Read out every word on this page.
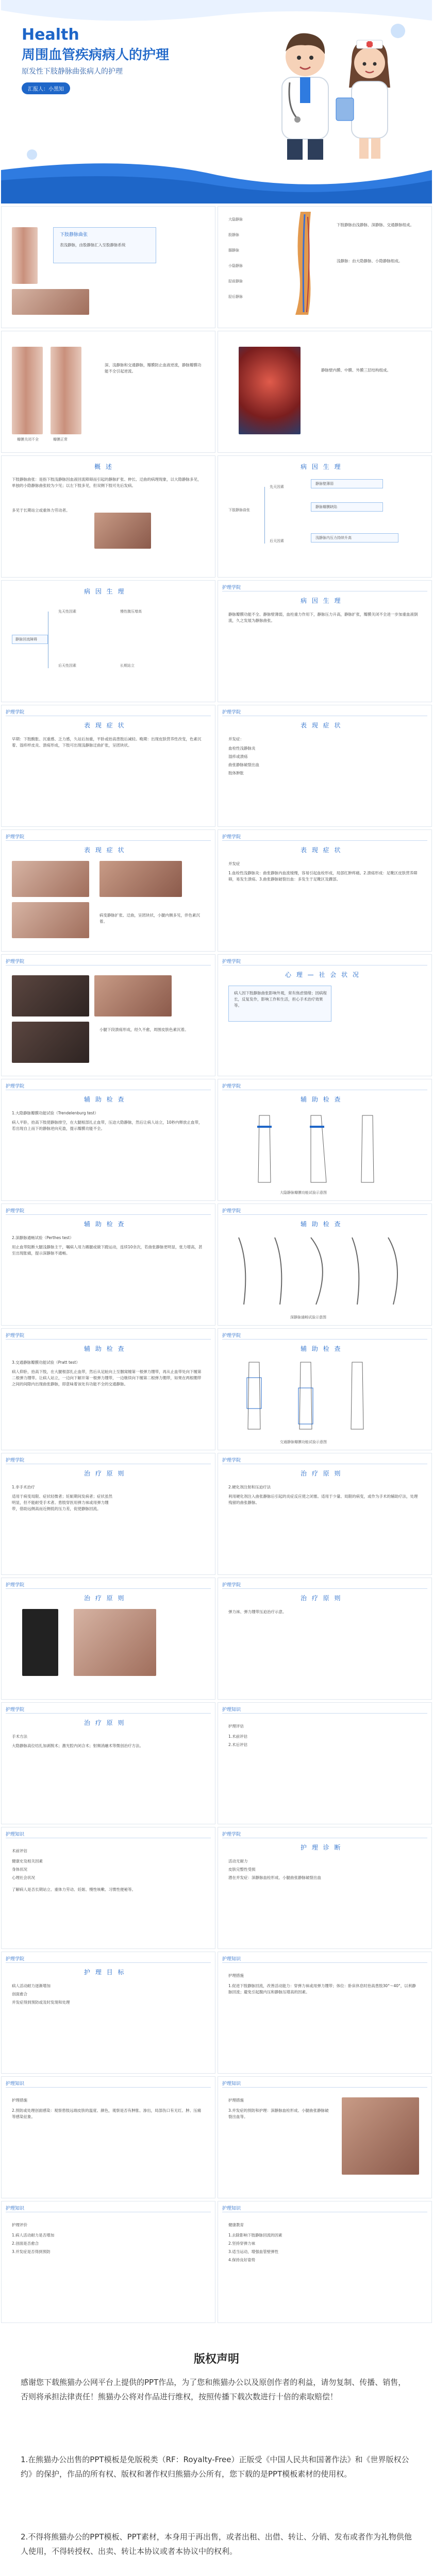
Health
周围血管疾病病人的护理
原发性下肢静脉曲张病人的护理
汇报人：小黑知
下肢静脉曲张
表浅静脉，由股静脉汇入至股静脉系统
大隐静脉
股静脉
腘静脉
小隐静脉
胫前静脉
胫后静脉
下肢静脉由浅静脉、深静脉、交通静脉组成。
浅静脉：由大隐静脉、小隐静脉组成。
瓣膜关闭不全	瓣膜正常
深、浅静脉和交通静脉，瓣膜防止血液逆流，静脉瓣膜功能不全引起逆流。	静脉壁内膜、中膜、外膜三层结构组成。
概 述
下肢静脉曲张：是指下肢浅静脉因血液回流障碍而引起的静脉扩张、伸长、迂曲的病理现象，以大隐静脉多见，单独的小隐静脉曲张较为少见；以左下肢多见，但双侧下肢可先后发病。
多见于长期站立或重体力劳动者。
病 因 生 理
下肢静脉曲张
先天因素
后天因素
静脉壁薄弱
静脉瓣膜缺陷
浅静脉内压力持续升高
病 因 生 理
静脉回流障碍
先天性因素
后天性因素
慢性腹压增高
长期站立
护理学院
病 因 生 理
静脉瓣膜功能不全、静脉壁薄弱，血柱重力作用下，静脉压力升高，静脉扩张，瓣膜关闭不全进一步加重血液倒流，久之发展为静脉曲张。
护理学院
表 现 症 状
早期：下肢酸胀、沉重感、乏力感，久站后加重，平卧或抬高患肢后减轻。晚期：出现皮肤营养性改变，色素沉着、湿疹样皮炎、溃疡形成，下肢可出现浅静脉迂曲扩张，呈团块状。
护理学院
表 现 症 状
并发症：
血栓性浅静脉炎
湿疹或溃疡
曲张静脉破裂出血
肢体肿胀
护理学院
表 现 症 状
病变静脉扩张、迂曲，呈团块状，小腿内侧多见，伴色素沉着。
护理学院
表 现 症 状
并发症
1.血栓性浅静脉炎：曲张静脉内血流缓慢，容易引起血栓形成，局部红肿疼痛。2.溃疡形成：足靴区皮肤营养障碍，易发生溃疡。3.曲张静脉破裂出血：多发生于足靴区及踝部。
护理学院
小腿下段溃疡形成，经久不愈，周围皮肤色素沉着。
护理学院
心 理 — 社 会 状 况
病人因下肢静脉曲张影响外观，常有焦虑情绪；因病程长，反复发作，影响工作和生活，担心手术治疗效果等。
护理学院
辅 助 检 查
1.大隐静脉瓣膜功能试验（Trendelenburg test）
病人平卧，抬高下肢使静脉排空，在大腿根部扎止血带，压迫大隐静脉，然后让病人站立，10秒内释放止血带，若出现自上而下的静脉逆向充盈，提示瓣膜功能不全。
护理学院
辅 助 检 查
大隐静脉瓣膜功能试验示意图
护理学院
辅 助 检 查
2.深静脉通畅试验（Perthes test）
用止血带阻断大腿浅静脉主干，嘱病人用力踢腿或做下蹬运动，连续10余次，若曲张静脉更明显，张力增高，甚至出现胀痛，提示深静脉不通畅。
护理学院
辅 助 检 查
深静脉通畅试验示意图
护理学院
辅 助 检 查
3.交通静脉瓣膜功能试验（Pratt test）
病人仰卧，抬高下肢，在大腿根部扎止血带，然后从足趾向上至腘窝缠第一根弹力绷带，再从止血带处向下缠第二根弹力绷带。让病人站立，一边向下解开第一根弹力绷带，一边继续向下缠第二根弹力绷带，如果在两根绷带之间的间隙内出现曲张静脉，即意味着该处有功能不全的交通静脉。
护理学院
辅 助 检 查
交通静脉瓣膜功能试验示意图
护理学院
治 疗 原 则
1.非手术治疗
适用于病变局限、症状轻微者；妊娠期间发病者；症状虽然明显，但不能耐受手术者。患肢穿医用弹力袜或用弹力绷带，借助远侧高而近侧低的压力差，促使静脉回流。
护理学院
治 疗 原 则
2.硬化剂注射和压迫疗法
利用硬化剂注入曲张静脉后引起的炎症反应使之闭塞。适用于少量、局限的病变，或作为手术的辅助疗法，处理残留的曲张静脉。
护理学院
治 疗 原 则
护理学院
治 疗 原 则
弹力袜、弹力绷带压迫治疗示意。
护理学院
治 疗 原 则
手术方法
大隐静脉高位结扎加剥脱术；激光腔内闭合术；射频消融术等微创治疗方法。
护理知识
护理评估
1.术前评估
2.术后评估
护理知识
术前评估
健康史及相关因素
身体状况
心理社会状况
了解病人是否长期站立、重体力劳动、妊娠、慢性咳嗽、习惯性便秘等。
护理学院
护 理 诊 断
活动无耐力
皮肤完整性受损
潜在并发症：深静脉血栓形成、小腿曲张静脉破裂出血
护理学院
护 理 目 标
病人活动耐力逐渐增加
创面愈合
并发症得到预防或及时发现和处理
护理知识
护理措施
1.促进下肢静脉回流，改善活动能力：穿弹力袜或用弹力绷带；体位：卧床休息时抬高患肢30°～40°，以利静脉回流；避免引起腹内压和静脉压增高的因素。
护理知识
护理措施
2.预防或处理创面感染：观察患肢远端皮肤的温度、颜色，观察是否有肿胀、渗出，局部伤口有无红、肿、压痛等感染征象。
护理知识
护理措施
3.并发症的预防和护理：深静脉血栓形成、小腿曲张静脉破裂出血等。
护理知识
护理评价
1.病人活动耐力是否增加
2.创面是否愈合
3.并发症是否得到预防
护理知识
健康教育
1.去除影响下肢静脉回流的因素
2.坚持穿弹力袜
3.适当运动，增强血管壁弹性
4.保持良好姿势
版权声明
感谢您下载熊猫办公网平台上提供的PPT作品，为了您和熊猫办公以及原创作者的利益，请勿复制、传播、销售，否则将承担法律责任！熊猫办公将对作品进行维权，按照传播下载次数进行十倍的索取赔偿！
1.在熊猫办公出售的PPT模板是免版税类（RF：Royalty-Free）正版受《中国人民共和国著作法》和《世界版权公约》的保护，作品的所有权、版权和著作权归熊猫办公所有，您下载的是PPT模板素材的使用权。
2.不得将熊猫办公的PPT模板、PPT素材，本身用于再出售，或者出租、出借、转让、分销、发布或者作为礼物供他人使用，不得转授权、出卖、转让本协议或者本协议中的权利。
